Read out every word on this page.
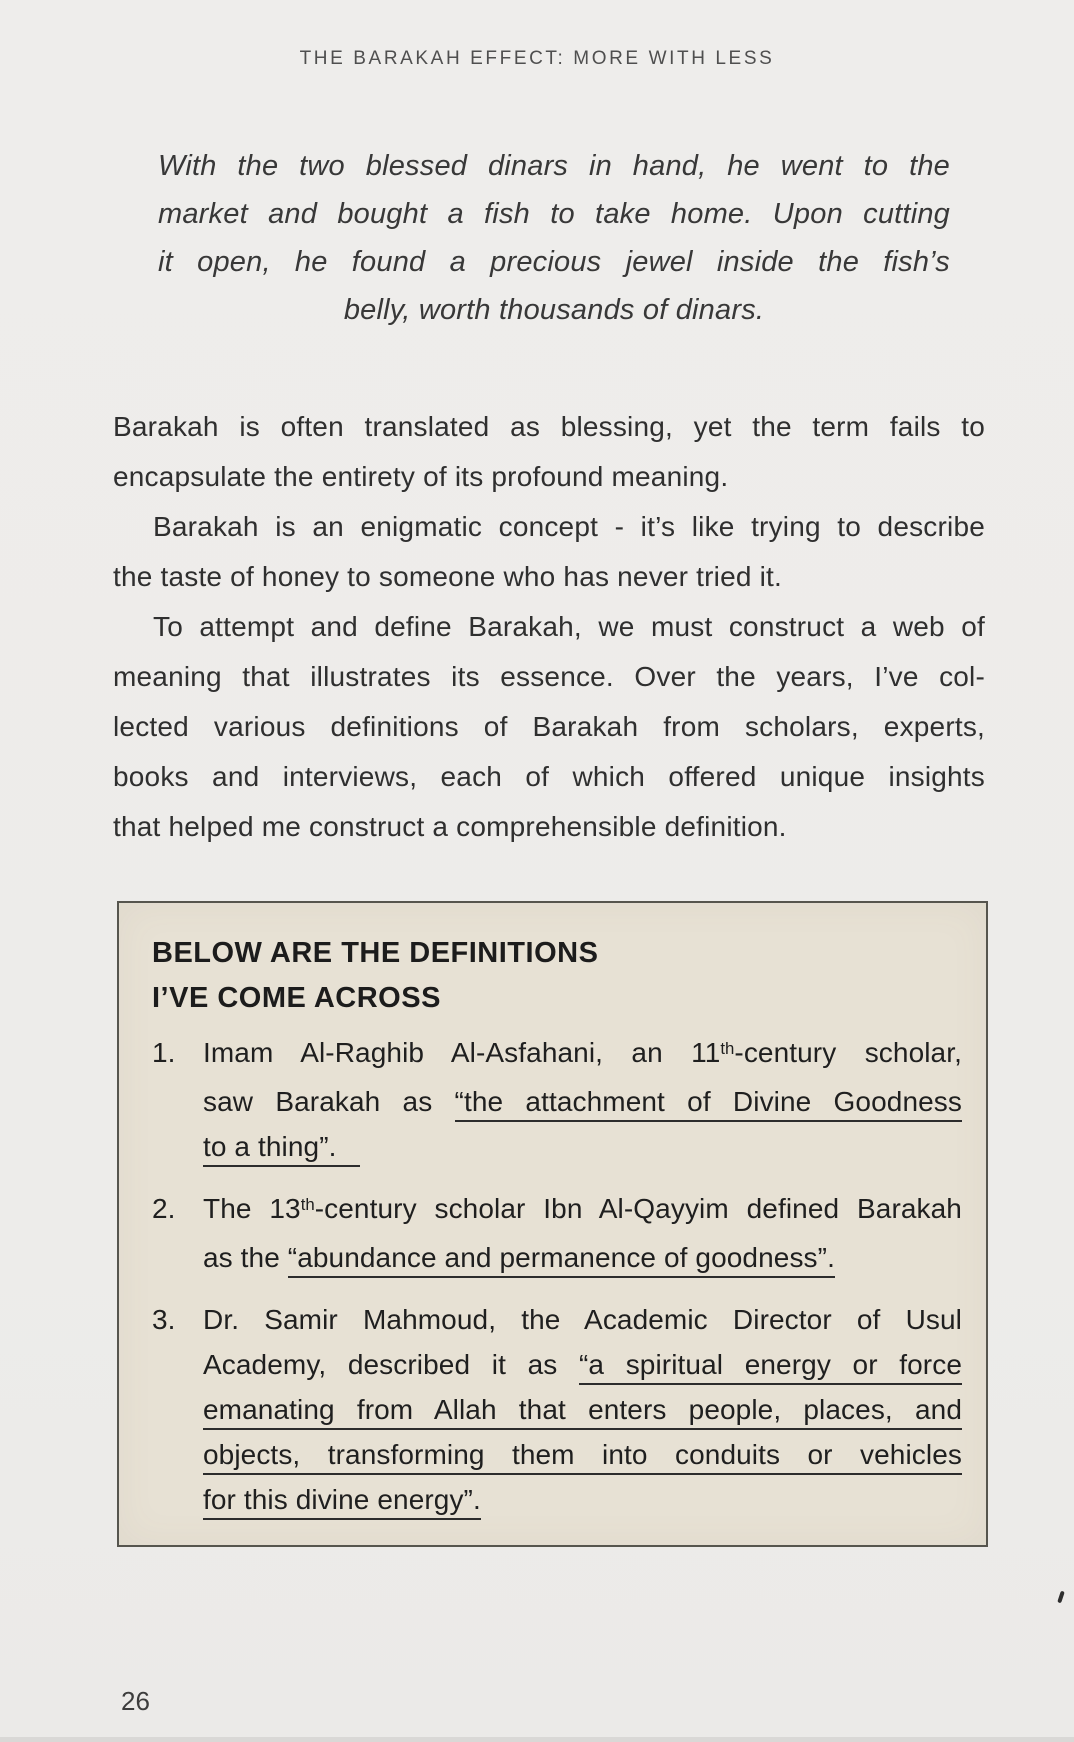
THE BARAKAH EFFECT: MORE WITH LESS
With the two blessed dinars in hand, he went to the
market and bought a fish to take home. Upon cutting
it open, he found a precious jewel inside the fish’s
belly, worth thousands of dinars.
Barakah is often translated as blessing, yet the term fails to
encapsulate the entirety of its profound meaning.
Barakah is an enigmatic concept - it’s like trying to describe
the taste of honey to someone who has never tried it.
To attempt and define Barakah, we must construct a web of
meaning that illustrates its essence. Over the years, I’ve col-
lected various definitions of Barakah from scholars, experts,
books and interviews, each of which offered unique insights
that helped me construct a comprehensible definition.
BELOW ARE THE DEFINITIONS
I’VE COME ACROSS
1. Imam Al-Raghib Al-Asfahani, an 11th-century scholar,
saw Barakah as “the attachment of Divine Goodness
to a thing”.
2. The 13th-century scholar Ibn Al-Qayyim defined Barakah
as the “abundance and permanence of goodness”.
3. Dr. Samir Mahmoud, the Academic Director of Usul
Academy, described it as “a spiritual energy or force
emanating from Allah that enters people, places, and
objects, transforming them into conduits or vehicles
for this divine energy”.
26
